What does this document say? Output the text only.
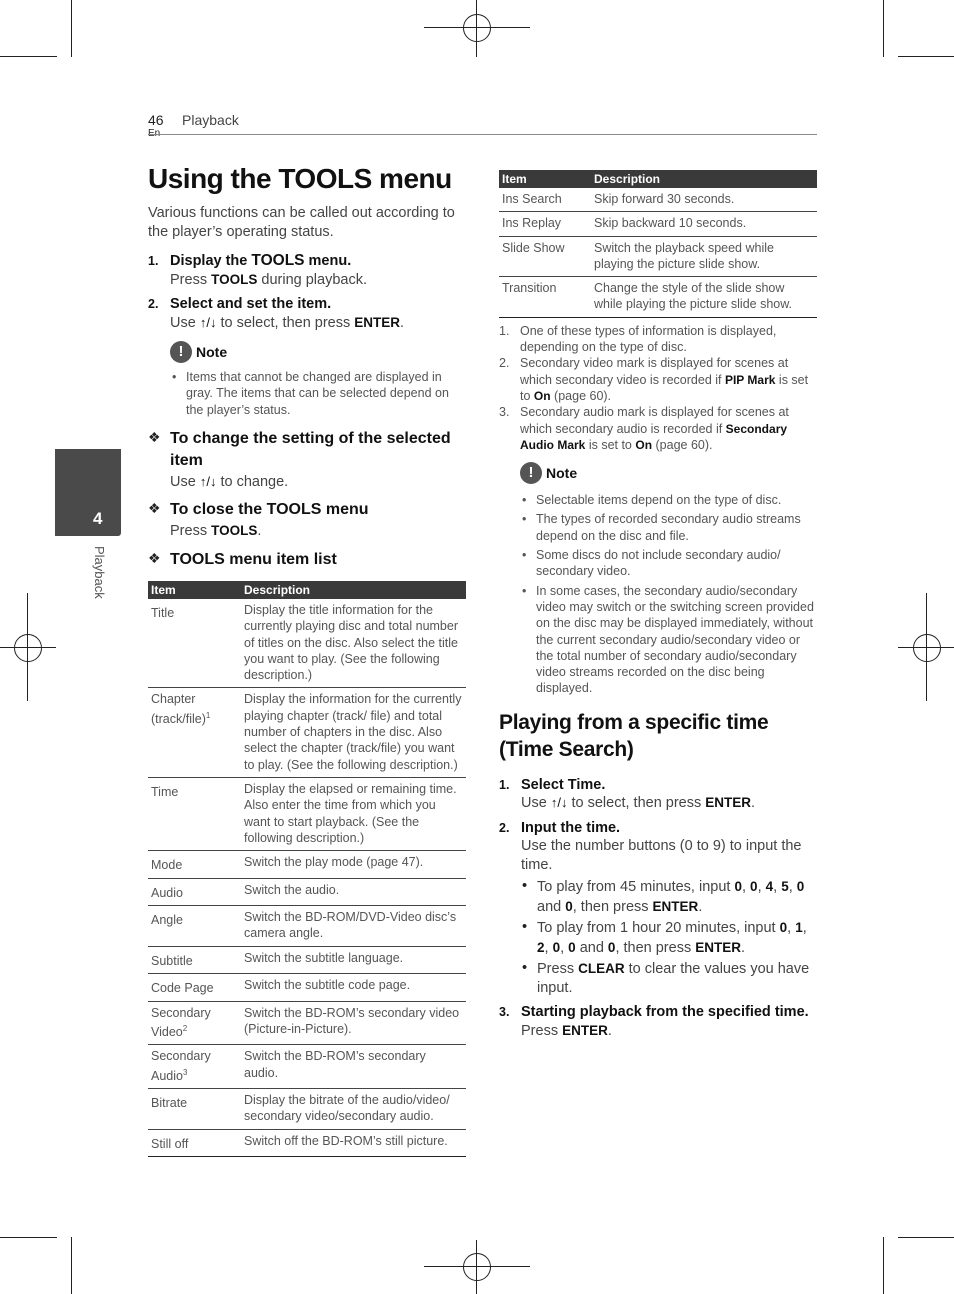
46 Playback
4
Playback
Using the TOOLS menu
Various functions can be called out according to the player’s operating status.
1. Display the TOOLS menu.
Press TOOLS during playback.
2. Select and set the item.
Use ↑/↓ to select, then press ENTER.
! Note
• Items that cannot be changed are displayed in gray. The items that can be selected depend on the player’s status.
❖ To change the setting of the selected item
Use ↑/↓ to change.
❖ To close the TOOLS menu
Press TOOLS.
❖ TOOLS menu item list
Item	Description
Title	Display the title information for the currently playing disc and total number of titles on the disc. Also select the title you want to play. (See the following description.)
Chapter (track/file)$^1$	Display the information for the currently playing chapter (track/ file) and total number of chapters in the disc. Also select the chapter (track/file) you want to play. (See the following description.)
Time	Display the elapsed or remaining time. Also enter the time from which you want to start playback. (See the following description.)
Mode	Switch the play mode (page 47).
Audio	Switch the audio.
Angle	Switch the BD-ROM/DVD-Video disc’s camera angle.
Subtitle	Switch the subtitle language.
Code Page	Switch the subtitle code page.
Secondary Video$^2$	Switch the BD-ROM’s secondary video (Picture-in-Picture).
Secondary Audio$^3$	Switch the BD-ROM’s secondary audio.
Bitrate	Display the bitrate of the audio/video/ secondary video/secondary audio.
Still off	Switch off the BD-ROM’s still picture.
Item	Description
Ins Search	Skip forward 30 seconds.
Ins Replay	Skip backward 10 seconds.
Slide Show	Switch the playback speed while playing the picture slide show.
Transition	Change the style of the slide show while playing the picture slide show.
1. One of these types of information is displayed, depending on the type of disc.
2. Secondary video mark is displayed for scenes at which secondary video is recorded if PIP Mark is set to On (page 60).
3. Secondary audio mark is displayed for scenes at which secondary audio is recorded if Secondary Audio Mark is set to On (page 60).
! Note
• Selectable items depend on the type of disc.
• The types of recorded secondary audio streams depend on the disc and file.
• Some discs do not include secondary audio/ secondary video.
• In some cases, the secondary audio/secondary video may switch or the switching screen provided on the disc may be displayed immediately, without the current secondary audio/secondary video or the total number of secondary audio/secondary video streams recorded on the disc being displayed.
Playing from a specific time
(Time Search)
1. Select Time.
Use ↑/↓ to select, then press ENTER.
2. Input the time.
Use the number buttons (0 to 9) to input the time.
• To play from 45 minutes, input 0, 0, 4, 5, 0 and 0, then press ENTER.
• To play from 1 hour 20 minutes, input 0, 1, 2, 0, 0 and 0, then press ENTER.
• Press CLEAR to clear the values you have input.
3. Starting playback from the specified time.
Press ENTER.
